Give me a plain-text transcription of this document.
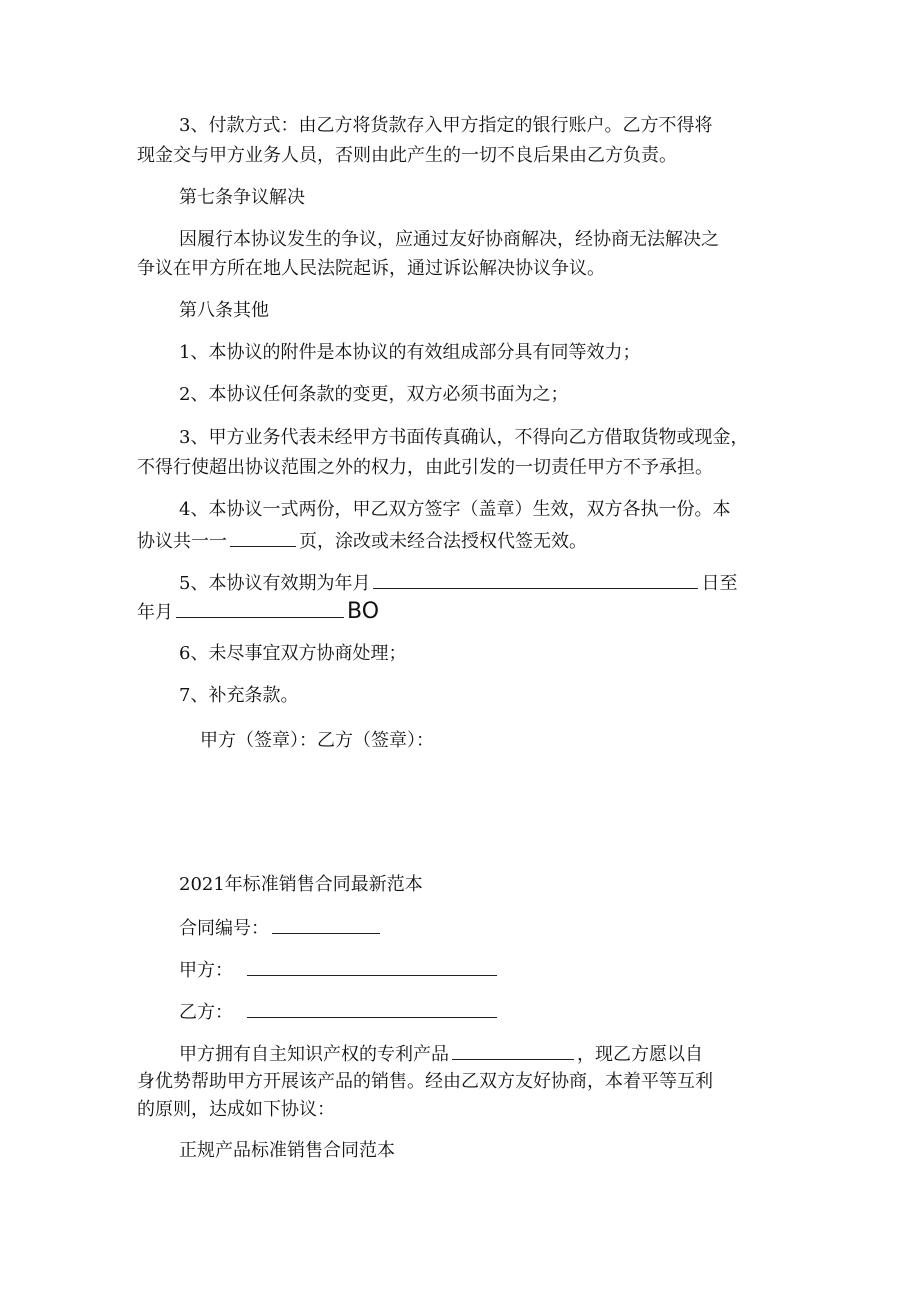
3、付款方式：由乙方将货款存入甲方指定的银行账户。乙方不得将
现金交与甲方业务人员，否则由此产生的一切不良后果由乙方负责。
第七条争议解决
因履行本协议发生的争议，应通过友好协商解决，经协商无法解决之
争议在甲方所在地人民法院起诉，通过诉讼解决协议争议。
第八条其他
1、本协议的附件是本协议的有效组成部分具有同等效力；
2、本协议任何条款的变更，双方必须书面为之；
3、甲方业务代表未经甲方书面传真确认，不得向乙方借取货物或现金，
不得行使超出协议范围之外的权力，由此引发的一切责任甲方不予承担。
4、本协议一式两份，甲乙双方签字（盖章）生效，双方各执一份。本
协议共一一	页，涂改或未经合法授权代签无效。
5、本协议有效期为年月	日至
年月	BO
6、未尽事宜双方协商处理；
7、补充条款。
甲方（签章）：乙方（签章）：
2021年标准销售合同最新范本
合同编号：
甲方：
乙方：
甲方拥有自主知识产权的专利产品	，现乙方愿以自
身优势帮助甲方开展该产品的销售。经由乙双方友好协商，本着平等互利
的原则，达成如下协议：
正规产品标准销售合同范本
